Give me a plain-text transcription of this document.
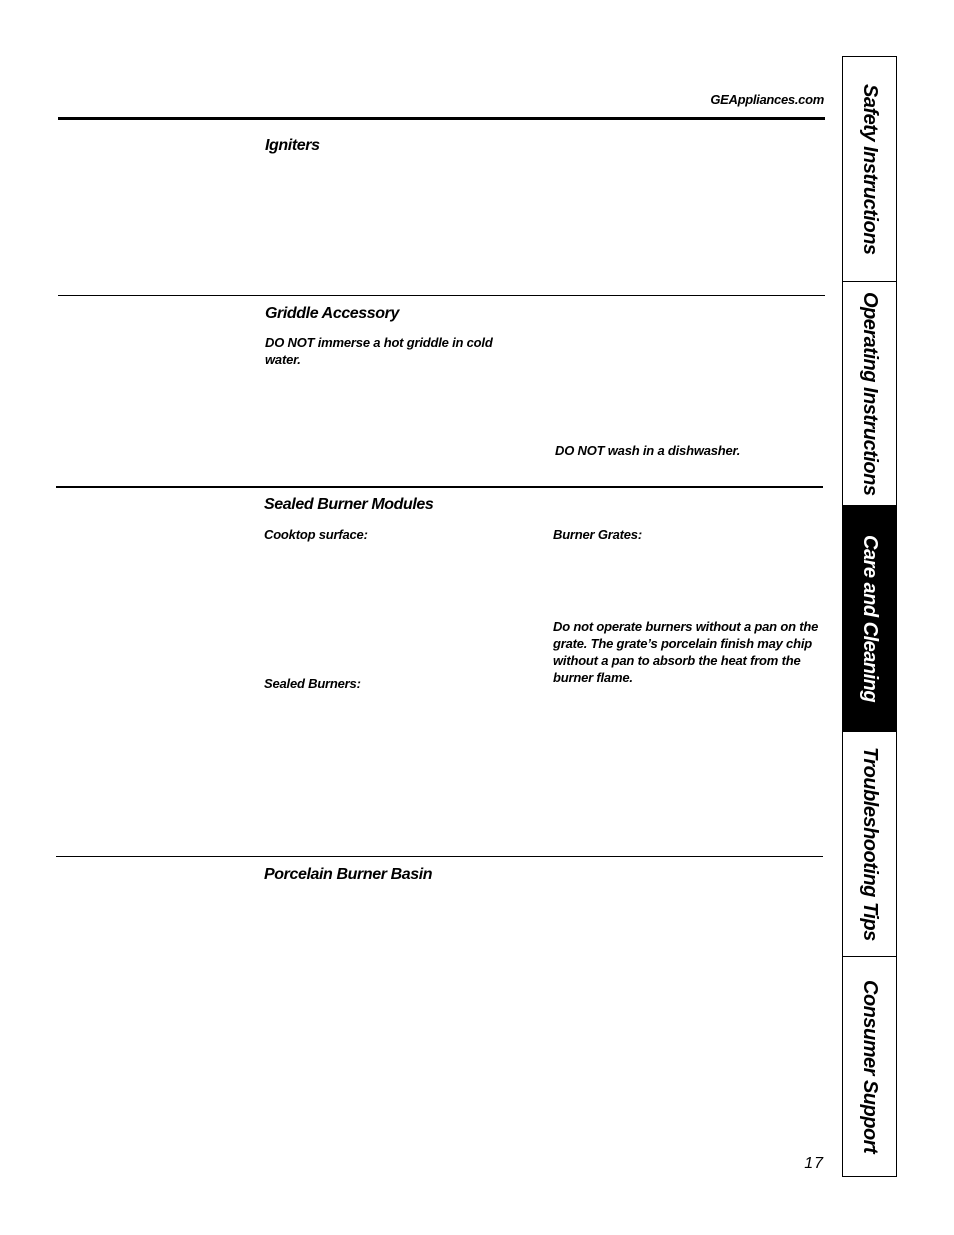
GEAppliances.com
Igniters
Griddle Accessory
DO NOT immerse a hot griddle in cold water.
DO NOT wash in a dishwasher.
Sealed Burner Modules
Cooktop surface:	Burner Grates:
Do not operate burners without a pan on the grate. The grate’s porcelain finish may chip without a pan to absorb the heat from the burner flame.
Sealed Burners:
Porcelain Burner Basin
17
Safety Instructions
Operating Instructions
Care and Cleaning
Troubleshooting Tips
Consumer Support
